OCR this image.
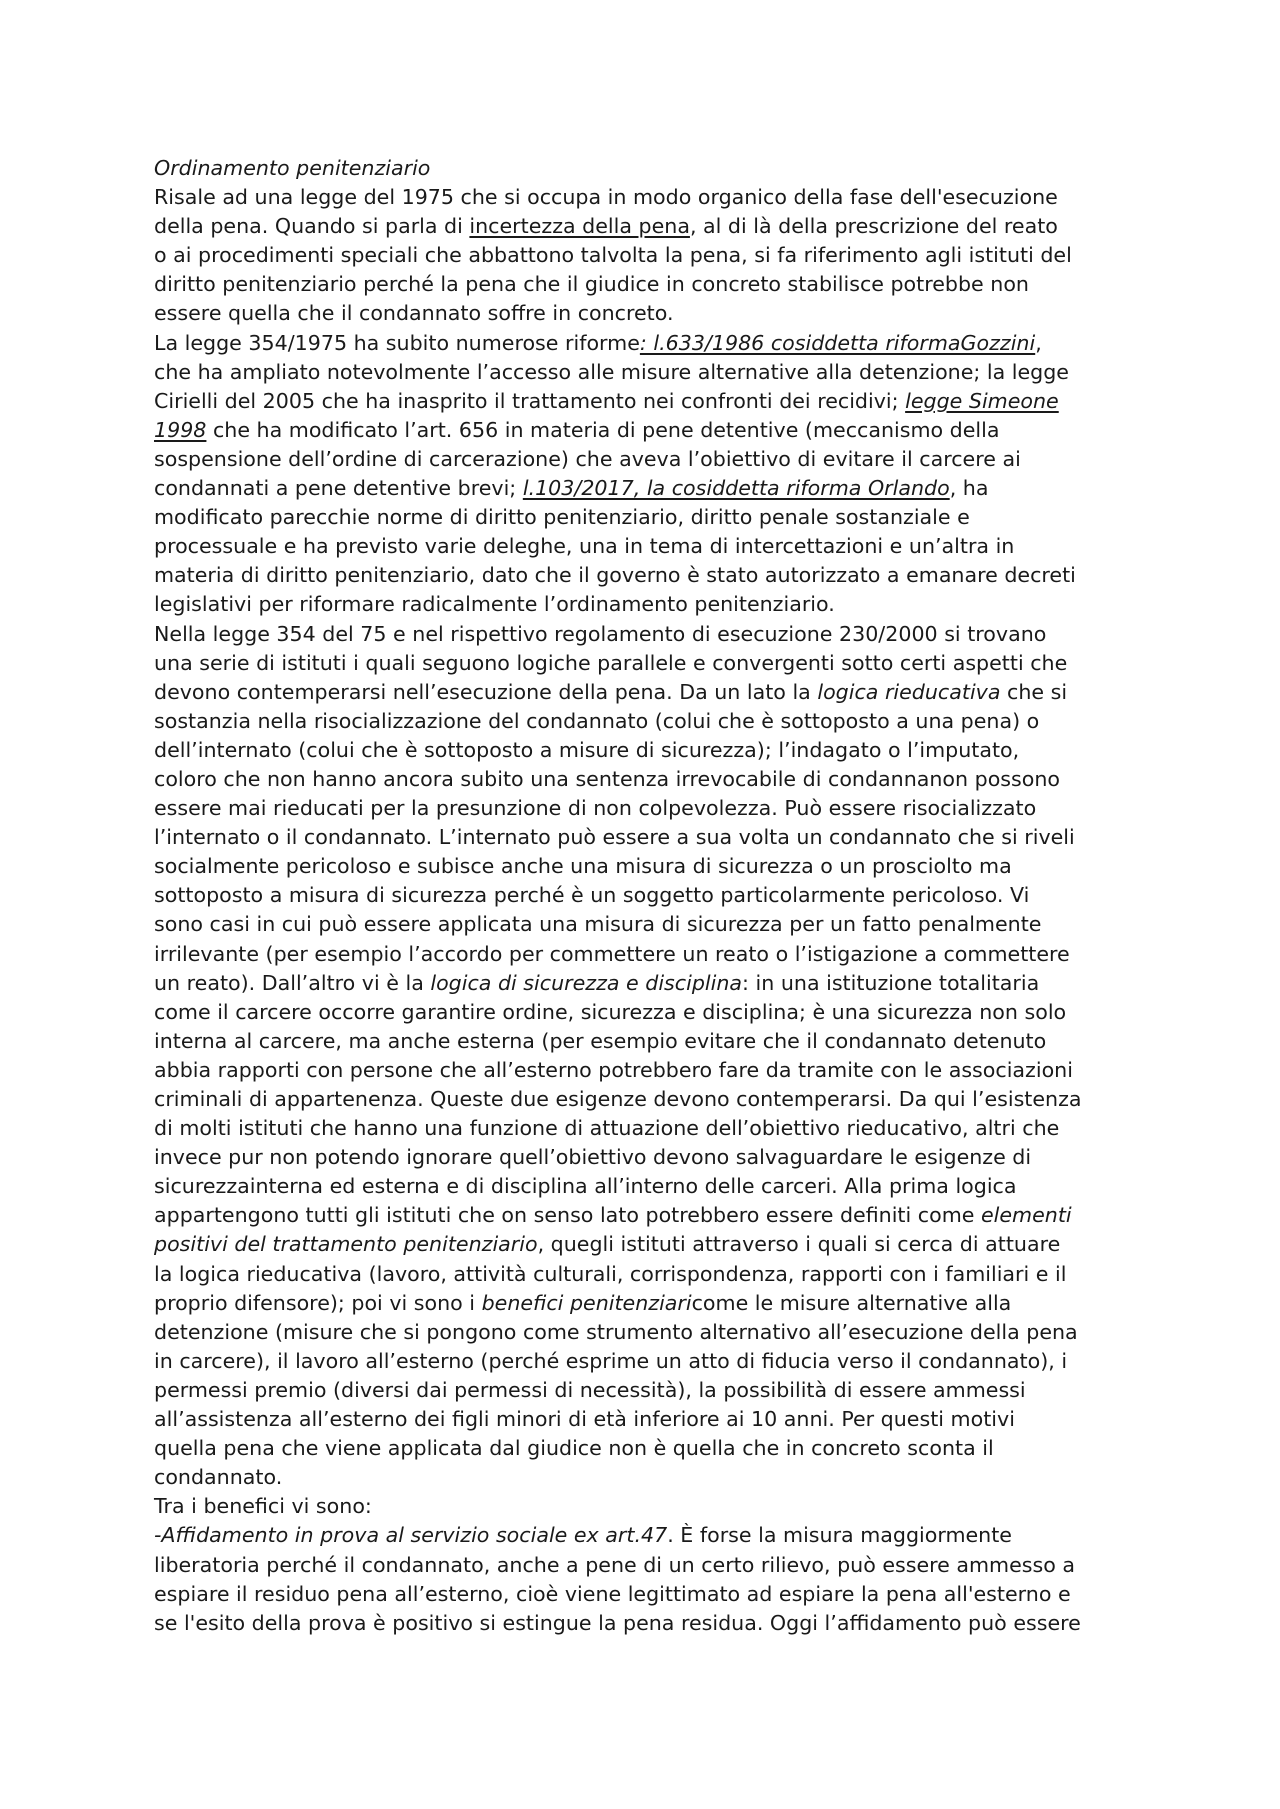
Ordinamento penitenziario
Risale ad una legge del 1975 che si occupa in modo organico della fase dell'esecuzione
della pena. Quando si parla di incertezza della pena, al di là della prescrizione del reato
o ai procedimenti speciali che abbattono talvolta la pena, si fa riferimento agli istituti del
diritto penitenziario perché la pena che il giudice in concreto stabilisce potrebbe non
essere quella che il condannato soffre in concreto.
La legge 354/1975 ha subito numerose riforme: l.633/1986 cosiddetta riformaGozzini,
che ha ampliato notevolmente l’accesso alle misure alternative alla detenzione; la legge
Cirielli del 2005 che ha inasprito il trattamento nei confronti dei recidivi; legge Simeone
1998 che ha modificato l’art. 656 in materia di pene detentive (meccanismo della
sospensione dell’ordine di carcerazione) che aveva l’obiettivo di evitare il carcere ai
condannati a pene detentive brevi; l.103/2017, la cosiddetta riforma Orlando, ha
modificato parecchie norme di diritto penitenziario, diritto penale sostanziale e
processuale e ha previsto varie deleghe, una in tema di intercettazioni e un’altra in
materia di diritto penitenziario, dato che il governo è stato autorizzato a emanare decreti
legislativi per riformare radicalmente l’ordinamento penitenziario.
Nella legge 354 del 75 e nel rispettivo regolamento di esecuzione 230/2000 si trovano
una serie di istituti i quali seguono logiche parallele e convergenti sotto certi aspetti che
devono contemperarsi nell’esecuzione della pena. Da un lato la logica rieducativa che si
sostanzia nella risocializzazione del condannato (colui che è sottoposto a una pena) o
dell’internato (colui che è sottoposto a misure di sicurezza); l’indagato o l’imputato,
coloro che non hanno ancora subito una sentenza irrevocabile di condannanon possono
essere mai rieducati per la presunzione di non colpevolezza. Può essere risocializzato
l’internato o il condannato. L’internato può essere a sua volta un condannato che si riveli
socialmente pericoloso e subisce anche una misura di sicurezza o un prosciolto ma
sottoposto a misura di sicurezza perché è un soggetto particolarmente pericoloso. Vi
sono casi in cui può essere applicata una misura di sicurezza per un fatto penalmente
irrilevante (per esempio l’accordo per commettere un reato o l’istigazione a commettere
un reato). Dall’altro vi è la logica di sicurezza e disciplina: in una istituzione totalitaria
come il carcere occorre garantire ordine, sicurezza e disciplina; è una sicurezza non solo
interna al carcere, ma anche esterna (per esempio evitare che il condannato detenuto
abbia rapporti con persone che all’esterno potrebbero fare da tramite con le associazioni
criminali di appartenenza. Queste due esigenze devono contemperarsi. Da qui l’esistenza
di molti istituti che hanno una funzione di attuazione dell’obiettivo rieducativo, altri che
invece pur non potendo ignorare quell’obiettivo devono salvaguardare le esigenze di
sicurezzainterna ed esterna e di disciplina all’interno delle carceri. Alla prima logica
appartengono tutti gli istituti che on senso lato potrebbero essere definiti come elementi
positivi del trattamento penitenziario, quegli istituti attraverso i quali si cerca di attuare
la logica rieducativa (lavoro, attività culturali, corrispondenza, rapporti con i familiari e il
proprio difensore); poi vi sono i benefici penitenziaricome le misure alternative alla
detenzione (misure che si pongono come strumento alternativo all’esecuzione della pena
in carcere), il lavoro all’esterno (perché esprime un atto di fiducia verso il condannato), i
permessi premio (diversi dai permessi di necessità), la possibilità di essere ammessi
all’assistenza all’esterno dei figli minori di età inferiore ai 10 anni. Per questi motivi
quella pena che viene applicata dal giudice non è quella che in concreto sconta il
condannato.
Tra i benefici vi sono:
-Affidamento in prova al servizio sociale ex art.47. È forse la misura maggiormente
liberatoria perché il condannato, anche a pene di un certo rilievo, può essere ammesso a
espiare il residuo pena all’esterno, cioè viene legittimato ad espiare la pena all'esterno e
se l'esito della prova è positivo si estingue la pena residua. Oggi l’affidamento può essere
